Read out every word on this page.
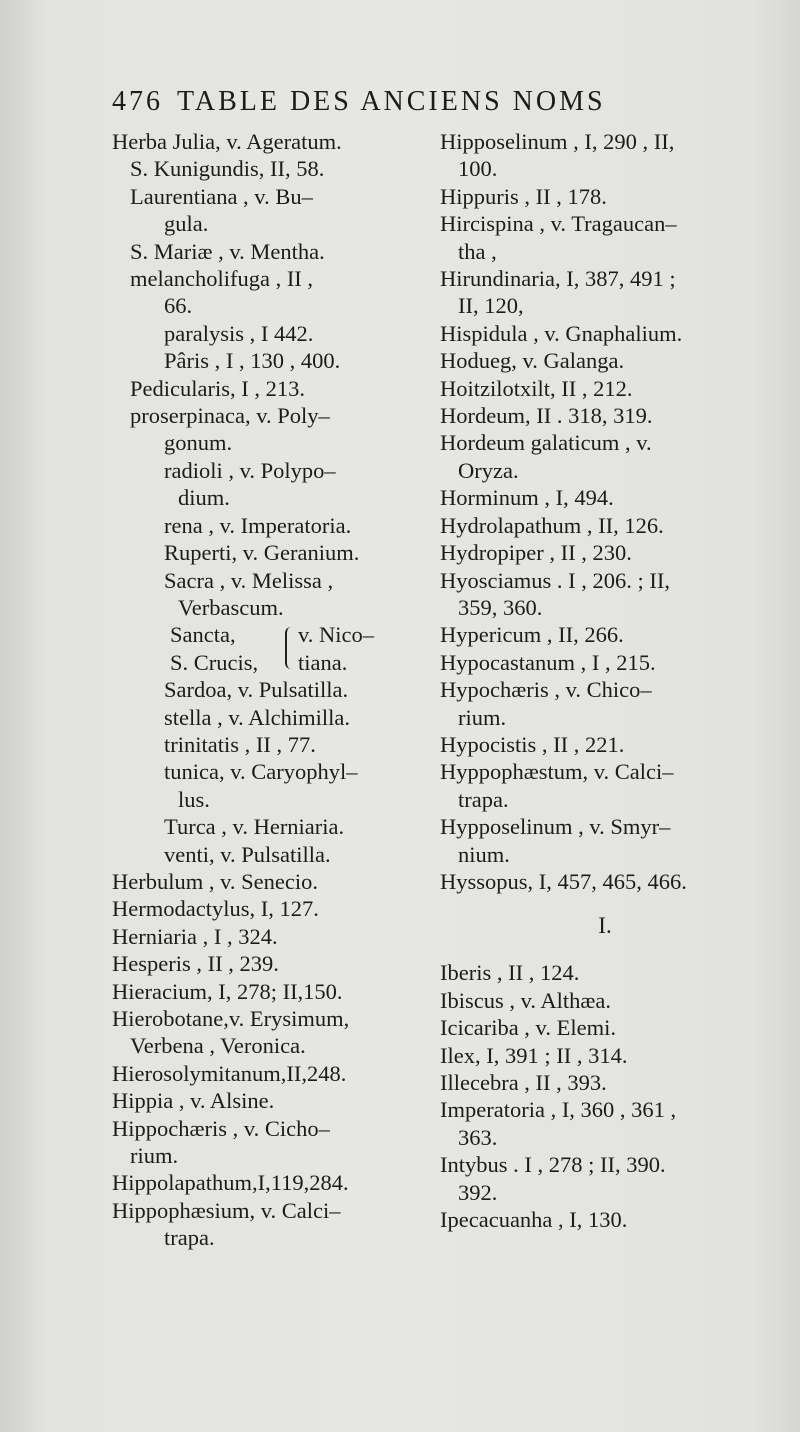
476 TABLE DES ANCIENS NOMS
Herba Julia, v. Ageratum.
S. Kunigundis, II, 58.
Laurentiana , v. Bu–
gula.
S. Mariæ , v. Mentha.
melancholifuga , II ,
66.
paralysis , I 442.
Pâris , I , 130 , 400.
Pedicularis, I , 213.
proserpinaca, v. Poly–
gonum.
radioli , v. Polypo–
dium.
rena , v. Imperatoria.
Ruperti, v. Geranium.
Sacra , v. Melissa ,
Verbascum.
Sancta,
S. Crucis,
v. Nico–
tiana.
Sardoa, v. Pulsatilla.
stella , v. Alchimilla.
trinitatis , II , 77.
tunica, v. Caryophyl–
lus.
Turca , v. Herniaria.
venti, v. Pulsatilla.
Herbulum , v. Senecio.
Hermodactylus, I, 127.
Herniaria , I , 324.
Hesperis , II , 239.
Hieracium, I, 278; II,150.
Hierobotane,v. Erysimum,
Verbena , Veronica.
Hierosolymitanum,II,248.
Hippia , v. Alsine.
Hippochæris , v. Cicho–
rium.
Hippolapathum,I,119,284.
Hippophæsium, v. Calci–
trapa.
Hipposelinum , I, 290 , II,
100.
Hippuris , II , 178.
Hircispina , v. Tragaucan–
tha ,
Hirundinaria, I, 387, 491 ;
II, 120,
Hispidula , v. Gnaphalium.
Hodueg, v. Galanga.
Hoitzilotxilt, II , 212.
Hordeum, II . 318, 319.
Hordeum galaticum , v.
Oryza.
Horminum , I, 494.
Hydrolapathum , II, 126.
Hydropiper , II , 230.
Hyosciamus . I , 206. ; II,
359, 360.
Hypericum , II, 266.
Hypocastanum , I , 215.
Hypochæris , v. Chico–
rium.
Hypocistis , II , 221.
Hyppophæstum, v. Calci–
trapa.
Hypposelinum , v. Smyr–
nium.
Hyssopus, I, 457, 465, 466.
I.
Iberis , II , 124.
Ibiscus , v. Althæa.
Icicariba , v. Elemi.
Ilex, I, 391 ; II , 314.
Illecebra , II , 393.
Imperatoria , I, 360 , 361 ,
363.
Intybus . I , 278 ; II, 390.
392.
Ipecacuanha , I, 130.
